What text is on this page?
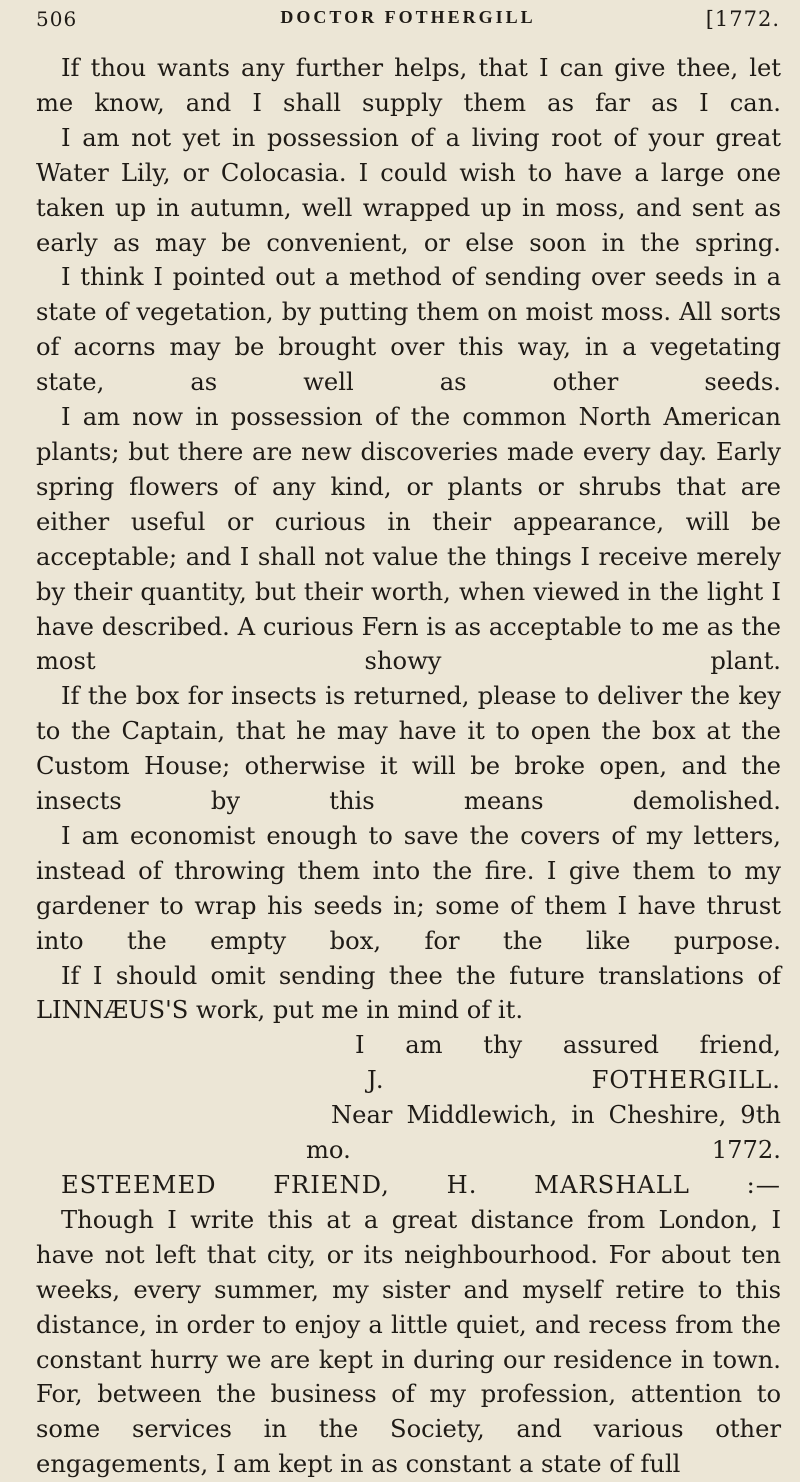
506	DOCTOR FOTHERGILL	[1772.

If thou wants any further helps, that I can give thee, let me know, and I shall supply them as far as I can.

I am not yet in possession of a living root of your great Water Lily, or Colocasia. I could wish to have a large one taken up in autumn, well wrapped up in moss, and sent as early as may be convenient, or else soon in the spring.

I think I pointed out a method of sending over seeds in a state of vegetation, by putting them on moist moss. All sorts of acorns may be brought over this way, in a vegetating state, as well as other seeds.

I am now in possession of the common North American plants; but there are new discoveries made every day. Early spring flowers of any kind, or plants or shrubs that are either useful or curious in their appearance, will be acceptable; and I shall not value the things I receive merely by their quantity, but their worth, when viewed in the light I have described. A curious Fern is as acceptable to me as the most showy plant.

If the box for insects is returned, please to deliver the key to the Captain, that he may have it to open the box at the Custom House; otherwise it will be broke open, and the insects by this means demolished.

I am economist enough to save the covers of my letters, instead of throwing them into the fire. I give them to my gardener to wrap his seeds in; some of them I have thrust into the empty box, for the like purpose.

If I should omit sending thee the future translations of LINNÆUS'S work, put me in mind of it.

I am thy assured friend,

J. FOTHERGILL.

Near Middlewich, in Cheshire, 9th mo. 1772.

ESTEEMED FRIEND, H. MARSHALL :—

Though I write this at a great distance from London, I have not left that city, or its neighbourhood. For about ten weeks, every summer, my sister and myself retire to this distance, in order to enjoy a little quiet, and recess from the constant hurry we are kept in during our residence in town. For, between the business of my profession, attention to some services in the Society, and various other engagements, I am kept in as constant a state of full
